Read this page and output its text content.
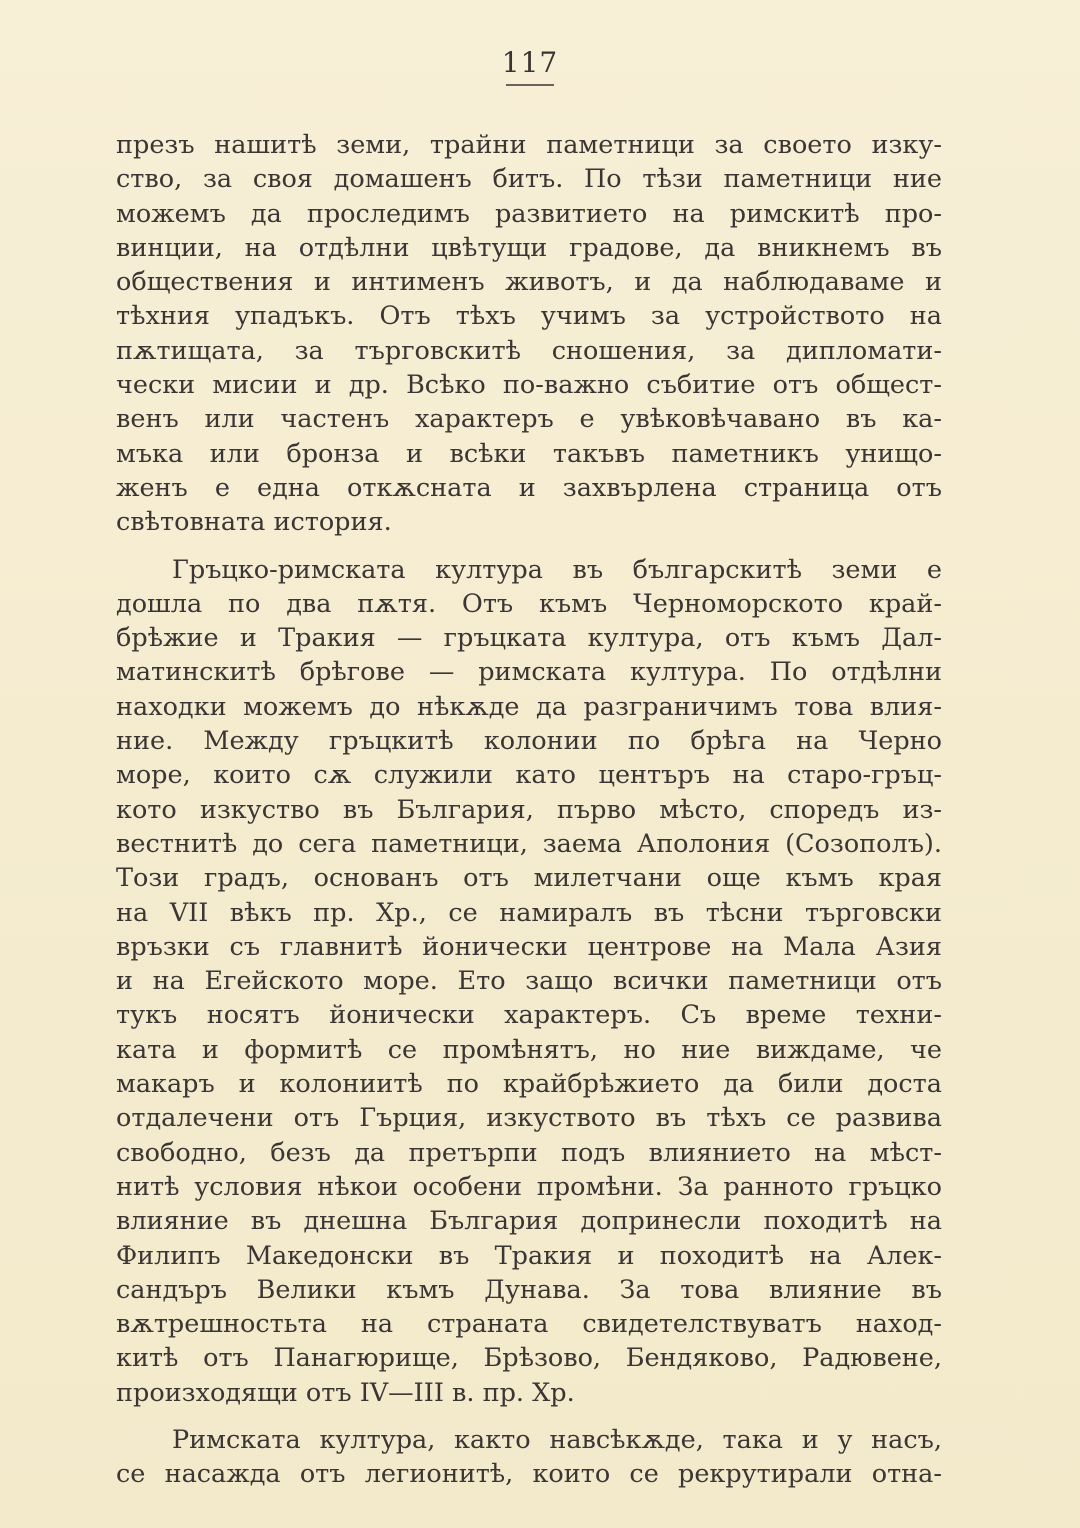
117
презъ нашитѣ земи, трайни паметници за своето изку-
ство, за своя домашенъ битъ. По тѣзи паметници ние
можемъ да проследимъ развитието на римскитѣ про-
винции, на отдѣлни цвѣтущи градове, да вникнемъ въ
обществения и интименъ животъ, и да наблюдаваме и
тѣхния упадъкъ. Отъ тѣхъ учимъ за устройството на
пѫтищата, за търговскитѣ сношения, за дипломати-
чески мисии и др. Всѣко по-важно събитие отъ общест-
венъ или частенъ характеръ е увѣковѣчавано въ ка-
мъка или бронза и всѣки такъвъ паметникъ унищо-
женъ е една откѫсната и захвърлена страница отъ
свѣтовната история.
Гръцко-римската култура въ българскитѣ земи е
дошла по два пѫтя. Отъ къмъ Черноморското край-
брѣжие и Тракия — гръцката култура, отъ къмъ Дал-
матинскитѣ брѣгове — римската култура. По отдѣлни
находки можемъ до нѣкѫде да разграничимъ това влия-
ние. Между гръцкитѣ колонии по брѣга на Черно
море, които сѫ служили като центъръ на старо-гръц-
кото изкуство въ България, първо мѣсто, споредъ из-
вестнитѣ до сега паметници, заема Аполония (Созополъ).
Този градъ, основанъ отъ милетчани още къмъ края
на VII вѣкъ пр. Хр., се намиралъ въ тѣсни търговски
връзки съ главнитѣ йонически центрове на Мала Азия
и на Егейското море. Ето защо всички паметници отъ
тукъ носятъ йонически характеръ. Съ време техни-
ката и формитѣ се промѣнятъ, но ние виждаме, че
макаръ и колониитѣ по крайбрѣжието да били доста
отдалечени отъ Гърция, изкуството въ тѣхъ се развива
свободно, безъ да претърпи подъ влиянието на мѣст-
нитѣ условия нѣкои особени промѣни. За ранното гръцко
влияние въ днешна България допринесли походитѣ на
Филипъ Македонски въ Тракия и походитѣ на Алек-
сандъръ Велики къмъ Дунава. За това влияние въ
вѫтрешностьта на страната свидетелствуватъ наход-
китѣ отъ Панагюрище, Брѣзово, Бендяково, Радювене,
произходящи отъ IV—III в. пр. Хр.
Римската култура, както навсѣкѫде, така и у насъ,
се насажда отъ легионитѣ, които се рекрутирали отна-
